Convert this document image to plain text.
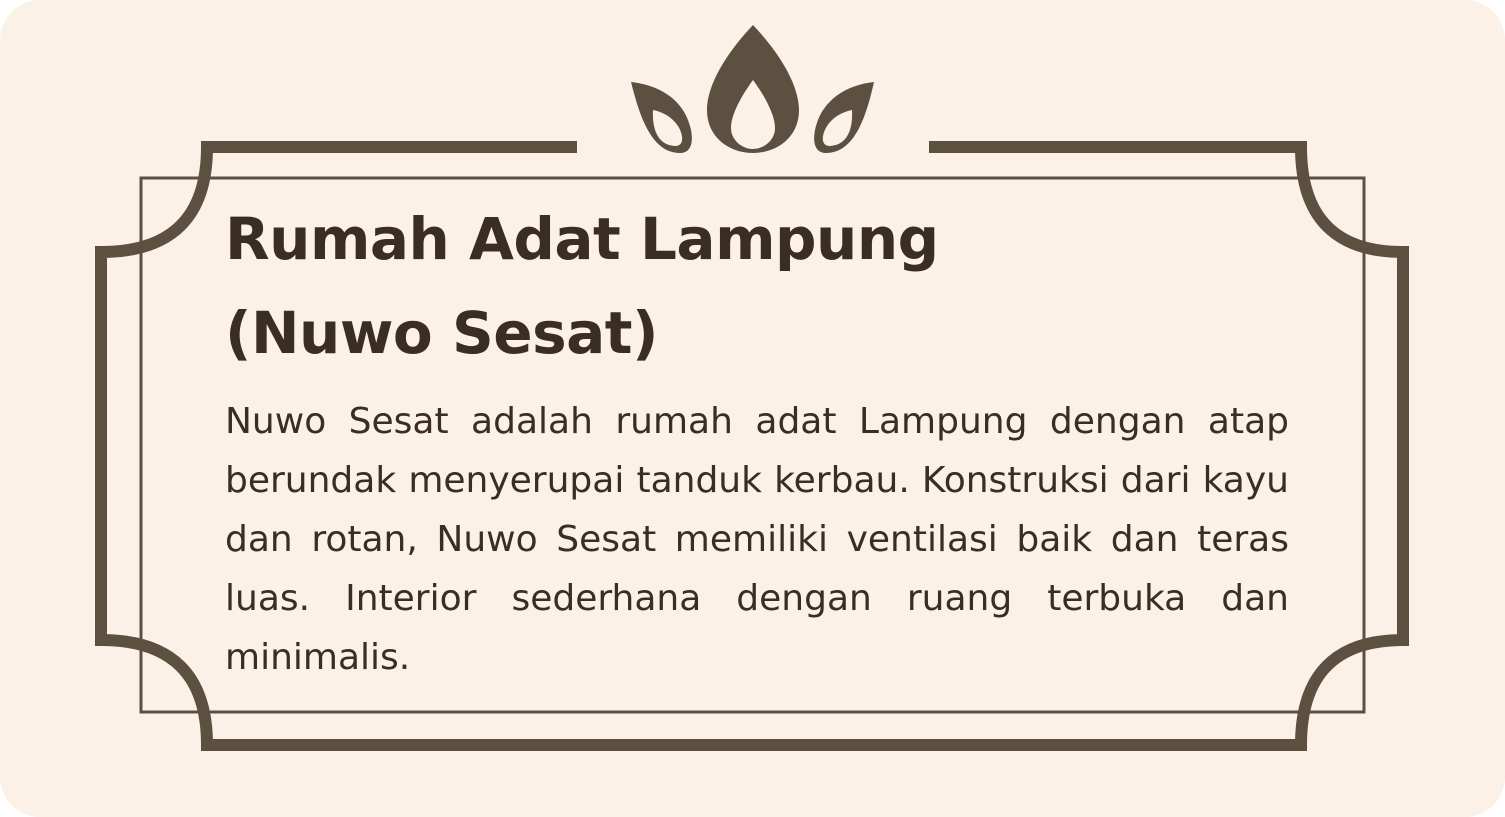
Rumah Adat Lampung
(Nuwo Sesat)

Nuwo Sesat adalah rumah adat Lampung dengan atap berundak menyerupai tanduk kerbau. Konstruksi dari kayu dan rotan, Nuwo Sesat memiliki ventilasi baik dan teras luas. Interior sederhana dengan ruang terbuka dan minimalis.
